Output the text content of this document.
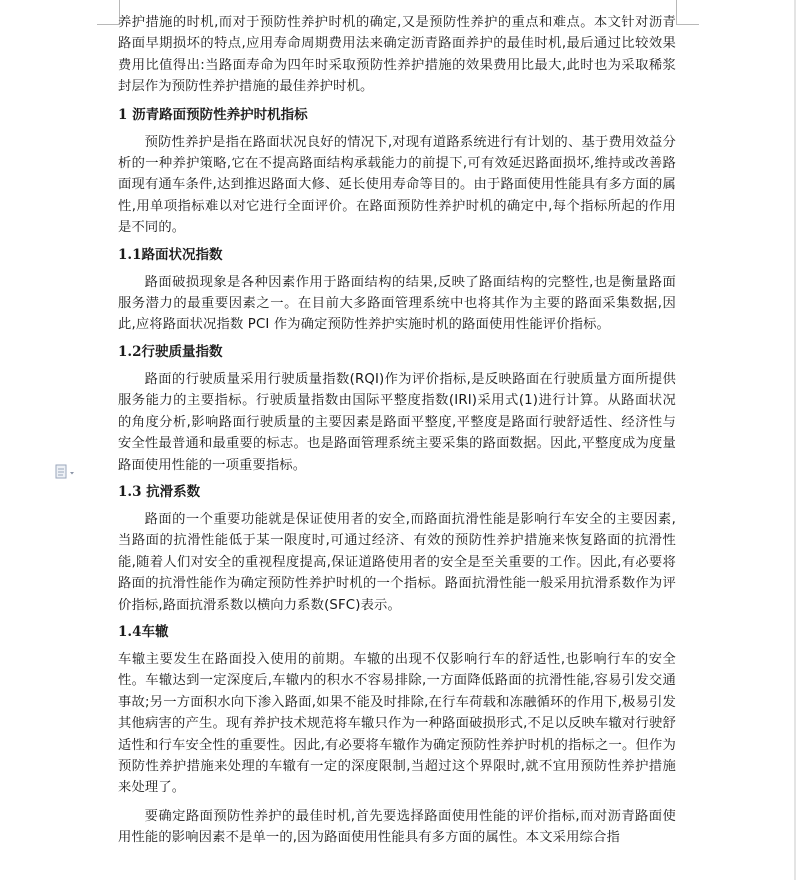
养护措施的时机,而对于预防性养护时机的确定,又是预防性养护的重点和难点。本文针对沥青路面早期损坏的特点,应用寿命周期费用法来确定沥青路面养护的最佳时机,最后通过比较效果费用比值得出:当路面寿命为四年时采取预防性养护措施的效果费用比最大,此时也为采取稀浆封层作为预防性养护措施的最佳养护时机。

1 沥青路面预防性养护时机指标

预防性养护是指在路面状况良好的情况下,对现有道路系统进行有计划的、基于费用效益分析的一种养护策略,它在不提高路面结构承载能力的前提下,可有效延迟路面损坏,维持或改善路面现有通车条件,达到推迟路面大修、延长使用寿命等目的。由于路面使用性能具有多方面的属性,用单项指标难以对它进行全面评价。在路面预防性养护时机的确定中,每个指标所起的作用是不同的。

1.1路面状况指数

路面破损现象是各种因素作用于路面结构的结果,反映了路面结构的完整性,也是衡量路面服务潜力的最重要因素之一。在目前大多路面管理系统中也将其作为主要的路面采集数据,因此,应将路面状况指数 PCI 作为确定预防性养护实施时机的路面使用性能评价指标。

1.2行驶质量指数

路面的行驶质量采用行驶质量指数(RQI)作为评价指标,是反映路面在行驶质量方面所提供服务能力的主要指标。行驶质量指数由国际平整度指数(IRI)采用式(1)进行计算。从路面状况的角度分析,影响路面行驶质量的主要因素是路面平整度,平整度是路面行驶舒适性、经济性与安全性最普通和最重要的标志。也是路面管理系统主要采集的路面数据。因此,平整度成为度量路面使用性能的一项重要指标。

1.3 抗滑系数

路面的一个重要功能就是保证使用者的安全,而路面抗滑性能是影响行车安全的主要因素,当路面的抗滑性能低于某一限度时,可通过经济、有效的预防性养护措施来恢复路面的抗滑性能,随着人们对安全的重视程度提高,保证道路使用者的安全是至关重要的工作。因此,有必要将路面的抗滑性能作为确定预防性养护时机的一个指标。路面抗滑性能一般采用抗滑系数作为评价指标,路面抗滑系数以横向力系数(SFC)表示。

1.4车辙

车辙主要发生在路面投入使用的前期。车辙的出现不仅影响行车的舒适性,也影响行车的安全性。车辙达到一定深度后,车辙内的积水不容易排除,一方面降低路面的抗滑性能,容易引发交通事故;另一方面积水向下渗入路面,如果不能及时排除,在行车荷载和冻融循环的作用下,极易引发其他病害的产生。现有养护技术规范将车辙只作为一种路面破损形式,不足以反映车辙对行驶舒适性和行车安全性的重要性。因此,有必要将车辙作为确定预防性养护时机的指标之一。但作为预防性养护措施来处理的车辙有一定的深度限制,当超过这个界限时,就不宜用预防性养护措施来处理了。

要确定路面预防性养护的最佳时机,首先要选择路面使用性能的评价指标,而对沥青路面使用性能的影响因素不是单一的,因为路面使用性能具有多方面的属性。本文采用综合指
